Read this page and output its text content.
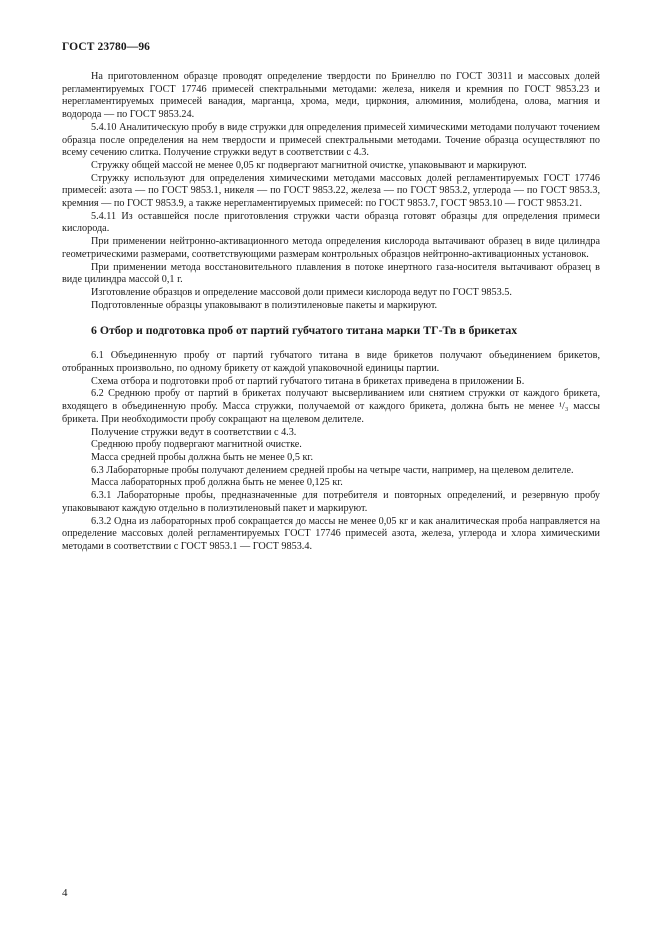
ГОСТ 23780—96

На приготовленном образце проводят определение твердости по Бринеллю по ГОСТ 30311 и массовых долей регламентируемых ГОСТ 17746 примесей спектральными методами: железа, никеля и кремния по ГОСТ 9853.23 и нерегламентируемых примесей ванадия, марганца, хрома, меди, циркония, алюминия, молибдена, олова, магния и водорода — по ГОСТ 9853.24.

5.4.10 Аналитическую пробу в виде стружки для определения примесей химическими методами получают точением образца после определения на нем твердости и примесей спектральными методами. Точение образца осуществляют по всему сечению слитка. Получение стружки ведут в соответствии с 4.3.

Стружку общей массой не менее 0,05 кг подвергают магнитной очистке, упаковывают и маркируют.

Стружку используют для определения химическими методами массовых долей регламентируемых ГОСТ 17746 примесей: азота — по ГОСТ 9853.1, никеля — по ГОСТ 9853.22, железа — по ГОСТ 9853.2, углерода — по ГОСТ 9853.3, кремния — по ГОСТ 9853.9, а также нерегламентируемых примесей: по ГОСТ 9853.7, ГОСТ 9853.10 — ГОСТ 9853.21.

5.4.11 Из оставшейся после приготовления стружки части образца готовят образцы для определения примеси кислорода.

При применении нейтронно-активационного метода определения кислорода вытачивают образец в виде цилиндра геометрическими размерами, соответствующими размерам контрольных образцов нейтронно-активационных установок.

При применении метода восстановительного плавления в потоке инертного газа-носителя вытачивают образец в виде цилиндра массой 0,1 г.

Изготовление образцов и определение массовой доли примеси кислорода ведут по ГОСТ 9853.5.

Подготовленные образцы упаковывают в полиэтиленовые пакеты и маркируют.

6 Отбор и подготовка проб от партий губчатого титана марки ТГ-Тв в брикетах

6.1 Объединенную пробу от партий губчатого титана в виде брикетов получают объединением брикетов, отобранных произвольно, по одному брикету от каждой упаковочной единицы партии.

Схема отбора и подготовки проб от партий губчатого титана в брикетах приведена в приложении Б.

6.2 Среднюю пробу от партий в брикетах получают высверливанием или снятием стружки от каждого брикета, входящего в объединенную пробу. Масса стружки, получаемой от каждого брикета, должна быть не менее ¹/₃ массы брикета. При необходимости пробу сокращают на щелевом делителе.

Получение стружки ведут в соответствии с 4.3.

Среднюю пробу подвергают магнитной очистке.

Масса средней пробы должна быть не менее 0,5 кг.

6.3 Лабораторные пробы получают делением средней пробы на четыре части, например, на щелевом делителе.

Масса лабораторных проб должна быть не менее 0,125 кг.

6.3.1 Лабораторные пробы, предназначенные для потребителя и повторных определений, и резервную пробу упаковывают каждую отдельно в полиэтиленовый пакет и маркируют.

6.3.2 Одна из лабораторных проб сокращается до массы не менее 0,05 кг и как аналитическая проба направляется на определение массовых долей регламентируемых ГОСТ 17746 примесей азота, железа, углерода и хлора химическими методами в соответствии с ГОСТ 9853.1 — ГОСТ 9853.4.

4
